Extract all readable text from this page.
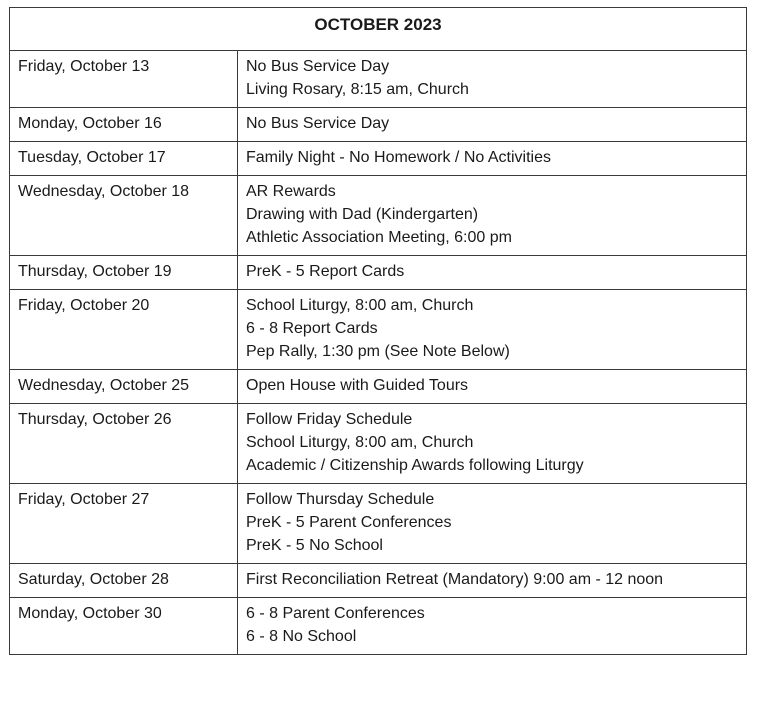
OCTOBER 2023	
Friday, October 13	No Bus Service Day
Living Rosary, 8:15 am, Church

Monday, October 16	No Bus Service Day

Tuesday, October 17	Family Night - No Homework / No Activities

Wednesday, October 18	AR Rewards
Drawing with Dad (Kindergarten)
Athletic Association Meeting, 6:00 pm

Thursday, October 19	PreK - 5 Report Cards

Friday, October 20	School Liturgy, 8:00 am, Church
6 - 8 Report Cards
Pep Rally, 1:30 pm (See Note Below)

Wednesday, October 25	Open House with Guided Tours

Thursday, October 26	Follow Friday Schedule
School Liturgy, 8:00 am, Church
Academic / Citizenship Awards following Liturgy

Friday, October 27	Follow Thursday Schedule
PreK - 5 Parent Conferences
PreK - 5 No School

Saturday, October 28	First Reconciliation Retreat (Mandatory) 9:00 am - 12 noon

Monday, October 30	6 - 8 Parent Conferences
6 - 8 No School
